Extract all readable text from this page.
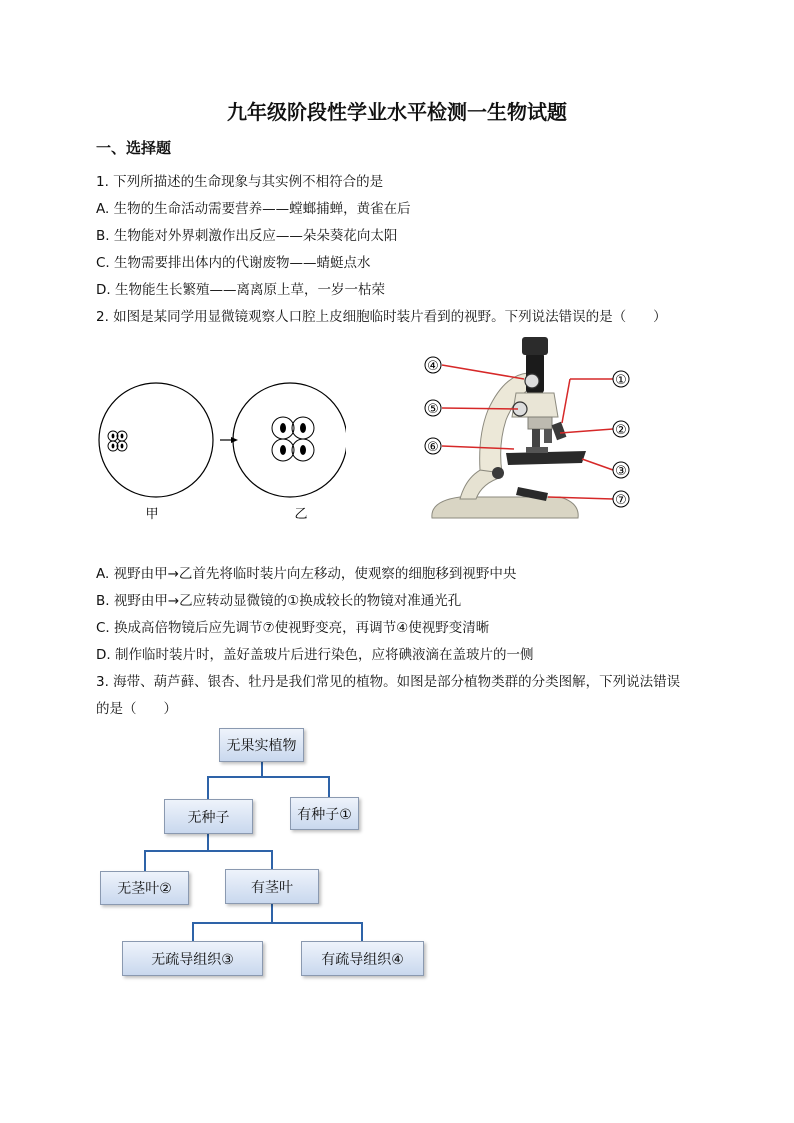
九年级阶段性学业水平检测一生物试题
一、选择题
1. 下列所描述的生命现象与其实例不相符合的是
A. 生物的生命活动需要营养——螳螂捕蝉，黄雀在后
B. 生物能对外界刺激作出反应——朵朵葵花向太阳
C. 生物需要排出体内的代谢废物——蜻蜓点水
D. 生物能生长繁殖——离离原上草，一岁一枯荣
2. 如图是某同学用显微镜观察人口腔上皮细胞临时装片看到的视野。下列说法错误的是（　　）
甲	乙
④
⑤
⑥
①
②
③
⑦
A. 视野由甲→乙首先将临时装片向左移动，使观察的细胞移到视野中央
B. 视野由甲→乙应转动显微镜的①换成较长的物镜对准通光孔
C. 换成高倍物镜后应先调节⑦使视野变亮，再调节④使视野变清晰
D. 制作临时装片时，盖好盖玻片后进行染色，应将碘液滴在盖玻片的一侧
3. 海带、葫芦藓、银杏、牡丹是我们常见的植物。如图是部分植物类群的分类图解，下列说法错误
的是（　　）
无果实植物
无种子	有种子①
无茎叶②	有茎叶
无疏导组织③	有疏导组织④
